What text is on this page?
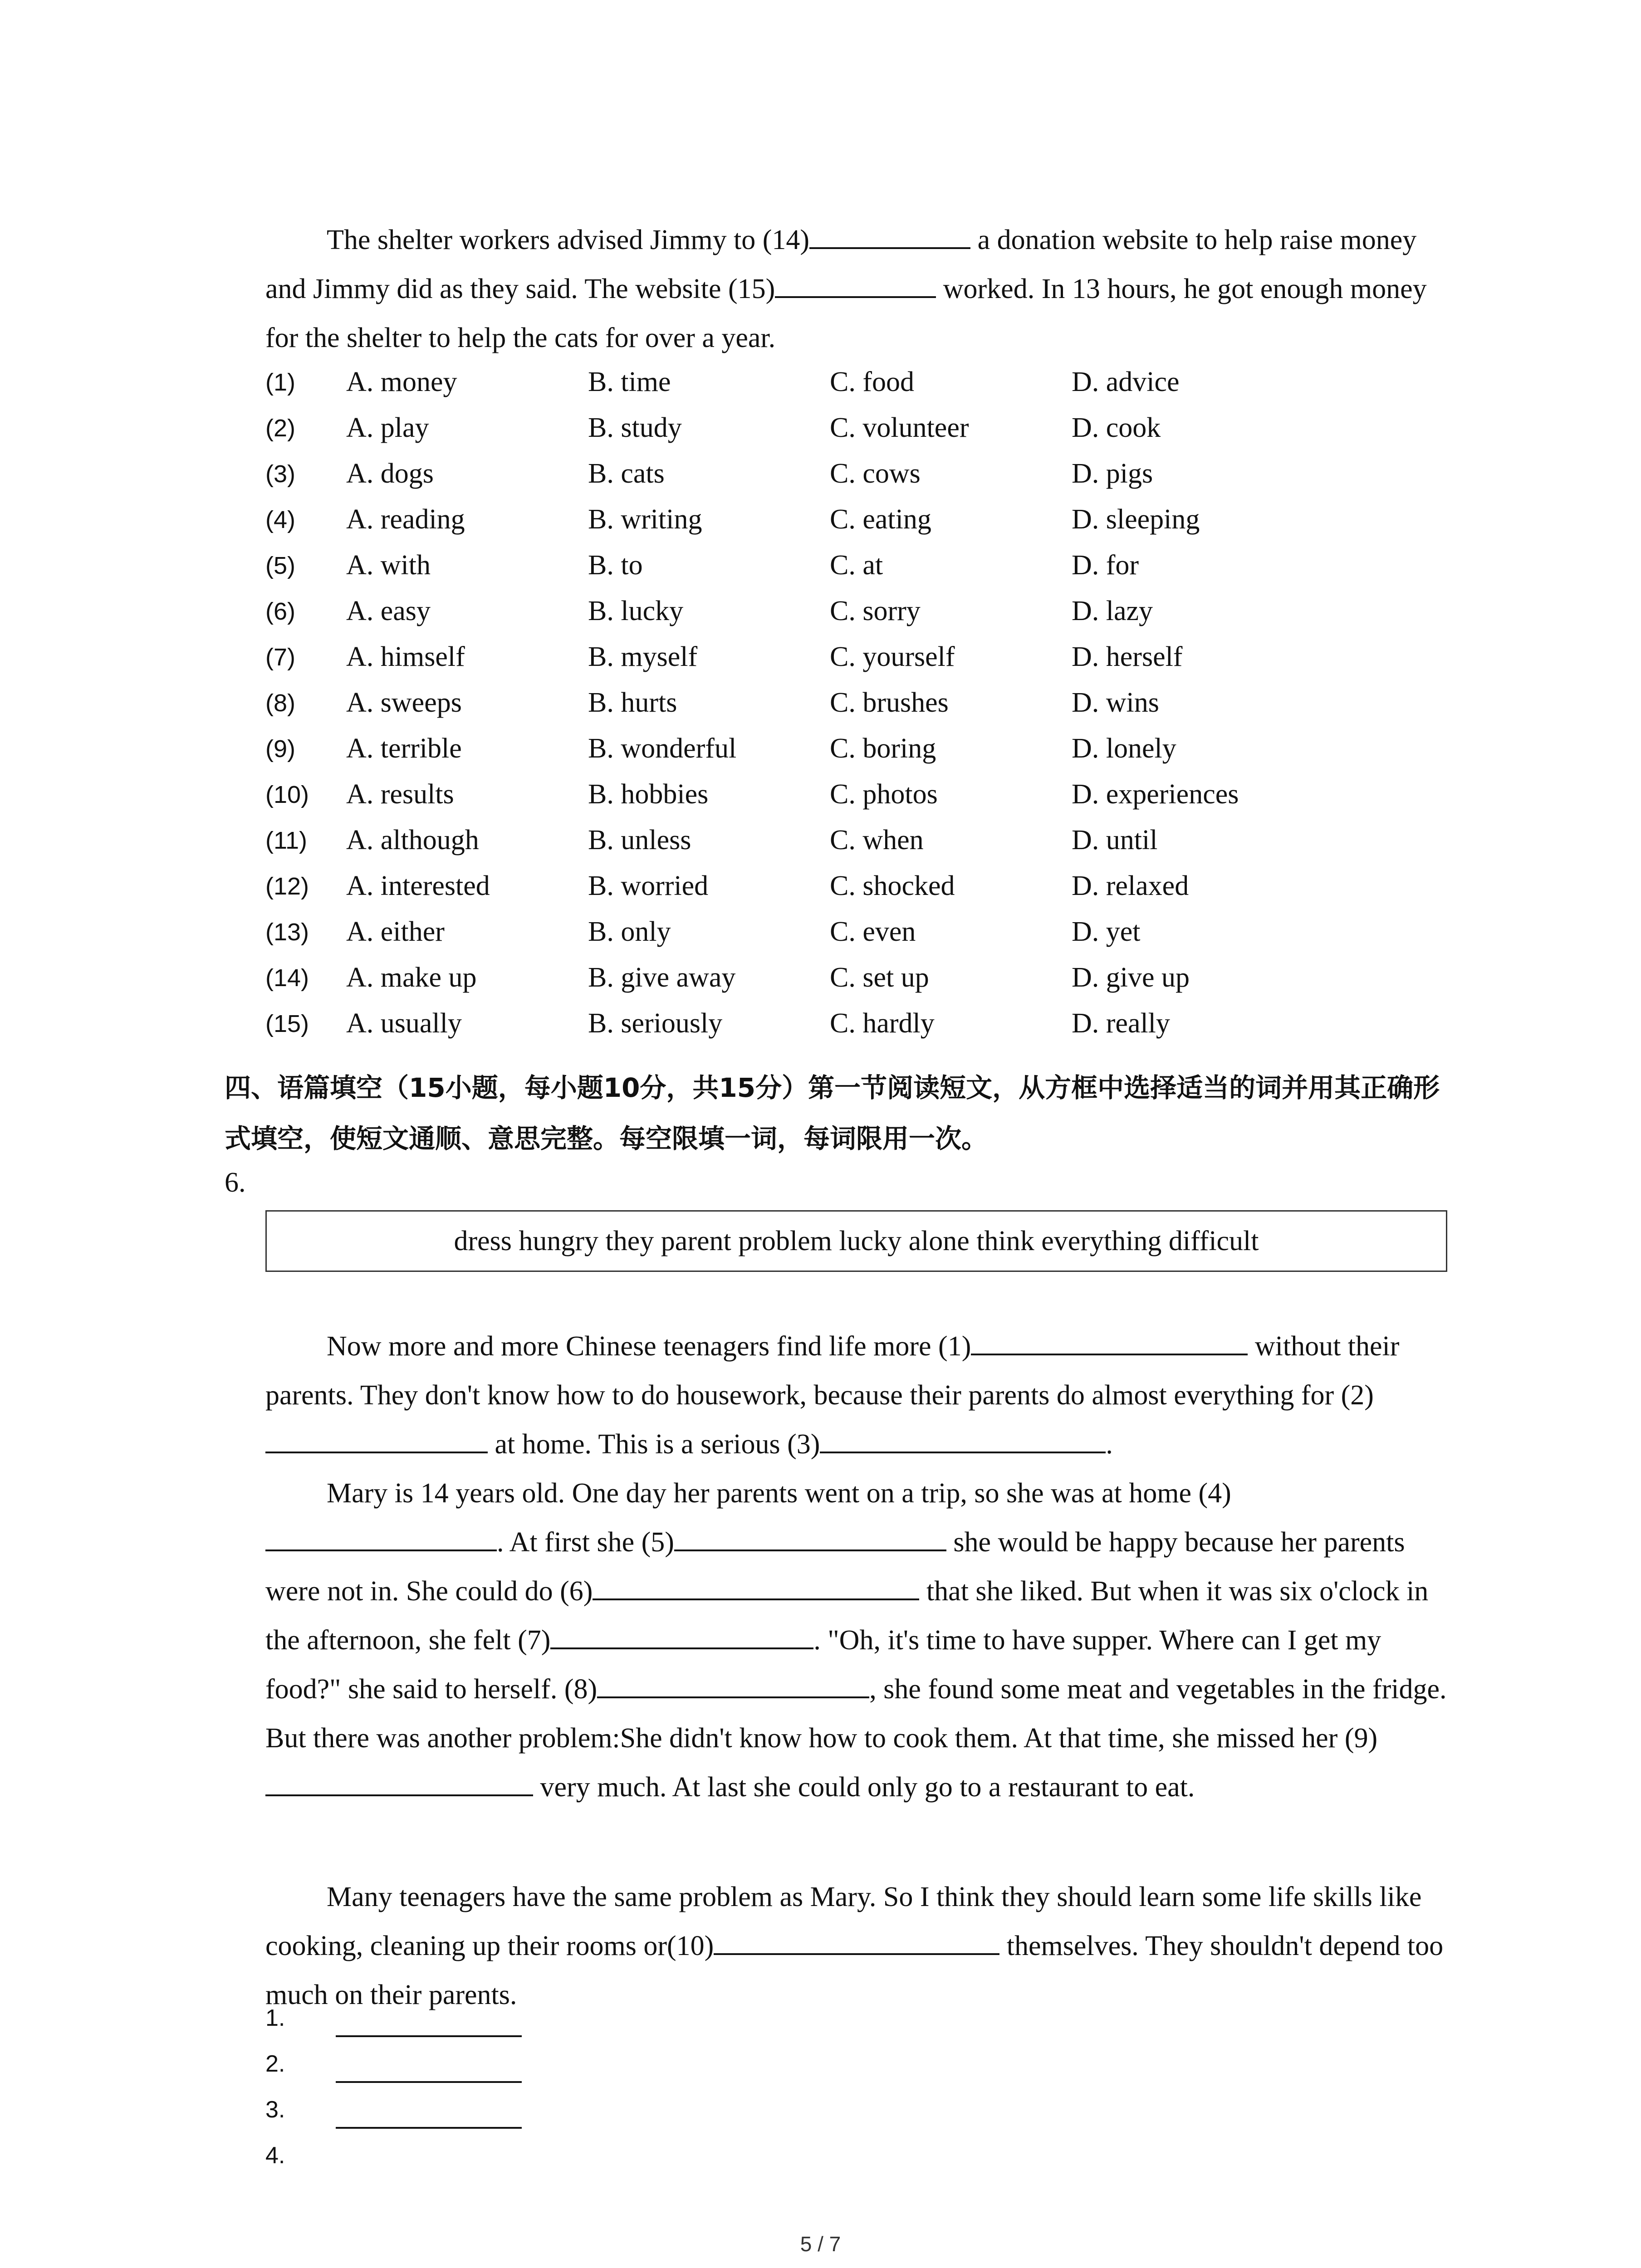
The shelter workers advised Jimmy to (14)	a donation website to help raise money and Jimmy did as they said. The website (15)	worked. In 13 hours, he got enough money for the shelter to help the cats for over a year.

(1)	A. money	B. time	C. food	D. advice
(2)	A. play	B. study	C. volunteer	D. cook
(3)	A. dogs	B. cats	C. cows	D. pigs
(4)	A. reading	B. writing	C. eating	D. sleeping
(5)	A. with	B. to	C. at	D. for
(6)	A. easy	B. lucky	C. sorry	D. lazy
(7)	A. himself	B. myself	C. yourself	D. herself
(8)	A. sweeps	B. hurts	C. brushes	D. wins
(9)	A. terrible	B. wonderful	C. boring	D. lonely
(10)	A. results	B. hobbies	C. photos	D. experiences
(11)	A. although	B. unless	C. when	D. until
(12)	A. interested	B. worried	C. shocked	D. relaxed
(13)	A. either	B. only	C. even	D. yet
(14)	A. make up	B. give away	C. set up	D. give up
(15)	A. usually	B. seriously	C. hardly	D. really

四、语篇填空（15小题，每小题10分，共15分）第一节阅读短文，从方框中选择适当的词并用其正确形式填空，使短文通顺、意思完整。每空限填一词，每词限用一次。

6.
dress hungry they parent problem lucky alone think everything difficult

Now more and more Chinese teenagers find life more (1)	without their parents. They don't know how to do housework, because their parents do almost everything for (2) at home. This is a serious (3)	.

Mary is 14 years old. One day her parents went on a trip, so she was at home (4). At first she (5)	she would be happy because her parents were not in. She could do (6)	that she liked. But when it was six o'clock in the afternoon, she felt (7)	. "Oh, it's time to have supper. Where can I get my food?" she said to herself. (8)	, she found some meat and vegetables in the fridge. But there was another problem:She didn't know how to cook them. At that time, she missed her (9) very much. At last she could only go to a restaurant to eat.

Many teenagers have the same problem as Mary. So I think they should learn some life skills like cooking, cleaning up their rooms or(10)	themselves. They shouldn't depend too much on their parents.

1.
2.
3.
4.
5 / 7
